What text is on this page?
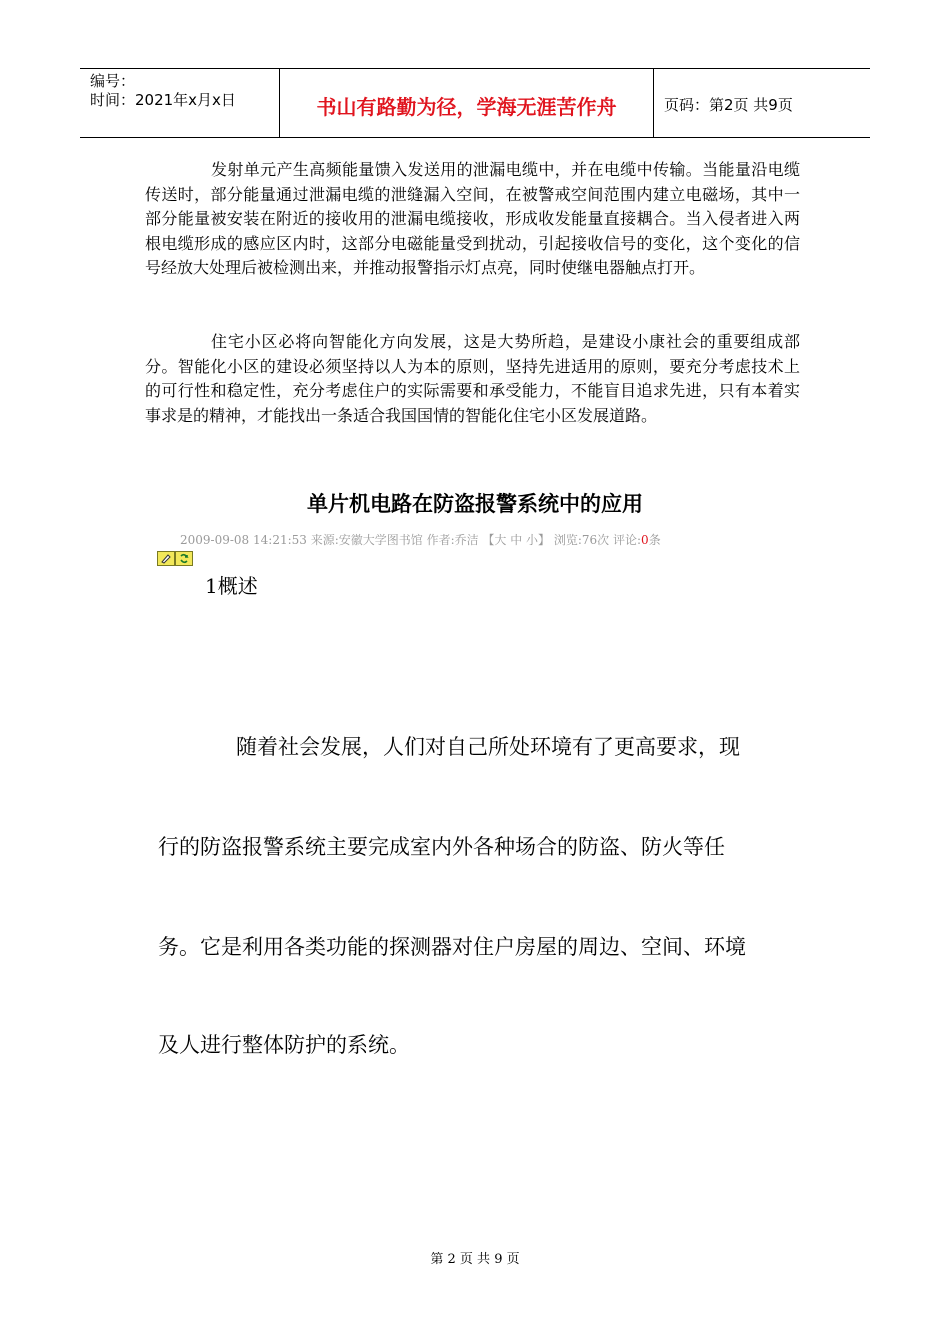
编号：
时间：2021年x月x日	书山有路勤为径，学海无涯苦作舟	页码：第2页 共9页

发射单元产生高频能量馈入发送用的泄漏电缆中，并在电缆中传输。当能量沿电缆传送时，部分能量通过泄漏电缆的泄缝漏入空间，在被警戒空间范围内建立电磁场，其中一部分能量被安装在附近的接收用的泄漏电缆接收，形成收发能量直接耦合。当入侵者进入两根电缆形成的感应区内时，这部分电磁能量受到扰动，引起接收信号的变化，这个变化的信号经放大处理后被检测出来，并推动报警指示灯点亮，同时使继电器触点打开。

住宅小区必将向智能化方向发展，这是大势所趋，是建设小康社会的重要组成部分。智能化小区的建设必须坚持以人为本的原则，坚持先进适用的原则，要充分考虑技术上的可行性和稳定性，充分考虑住户的实际需要和承受能力，不能盲目追求先进，只有本着实事求是的精神，才能找出一条适合我国国情的智能化住宅小区发展道路。

单片机电路在防盗报警系统中的应用
2009-09-08 14:21:53 来源:安徽大学图书馆 作者:乔洁 【大 中 小】 浏览:76次 评论:0条
1概述
随着社会发展，人们对自己所处环境有了更高要求，现
行的防盗报警系统主要完成室内外各种场合的防盗、防火等任
务。它是利用各类功能的探测器对住户房屋的周边、空间、环境
及人进行整体防护的系统。
第 2 页 共 9 页
